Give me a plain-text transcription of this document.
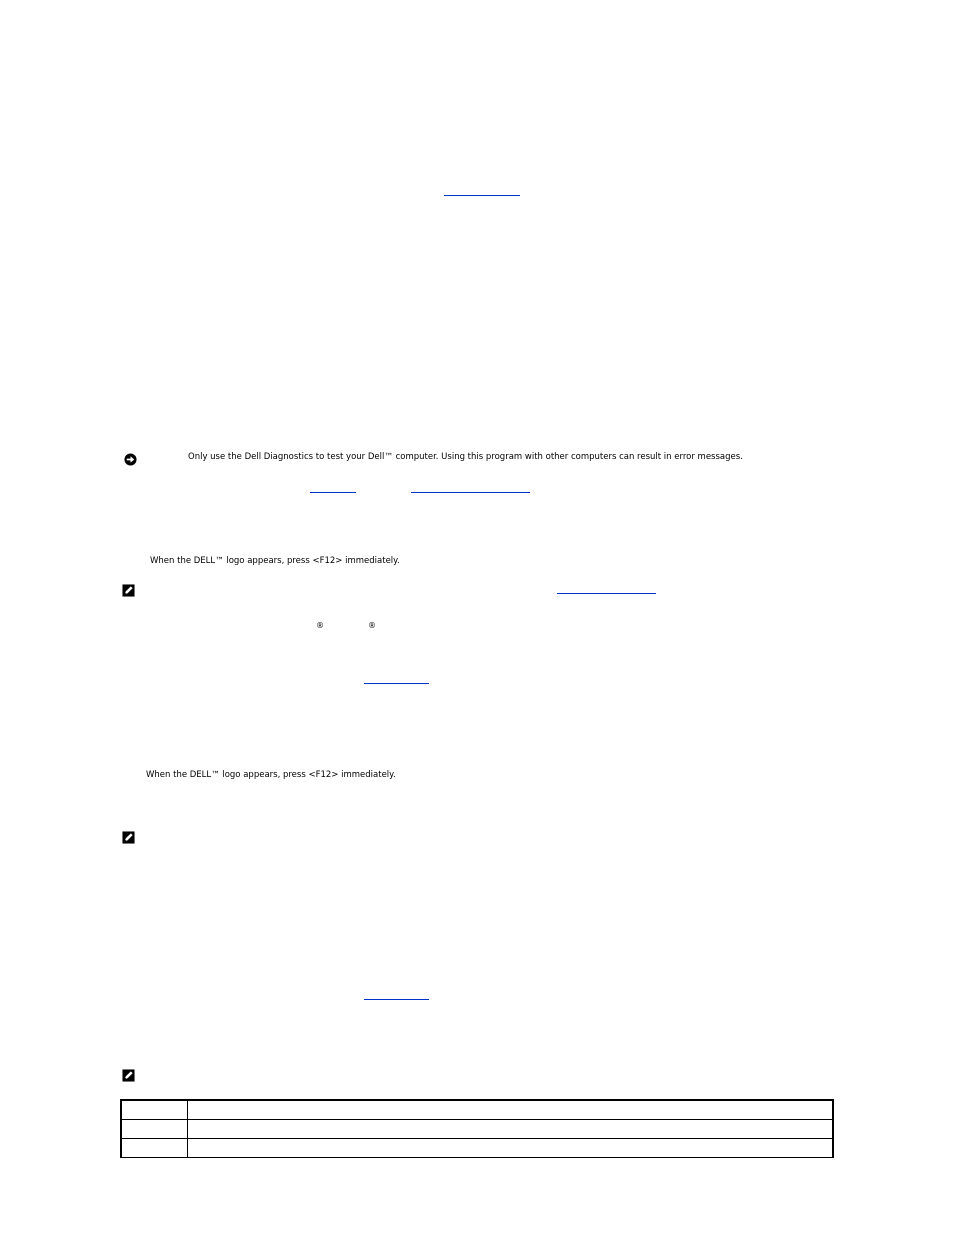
Only use the Dell Diagnostics to test your Dell™ computer. Using this program with other computers can result in error messages.
When the DELL™ logo appears, press <F12> immediately.
®	®
When the DELL™ logo appears, press <F12> immediately.
